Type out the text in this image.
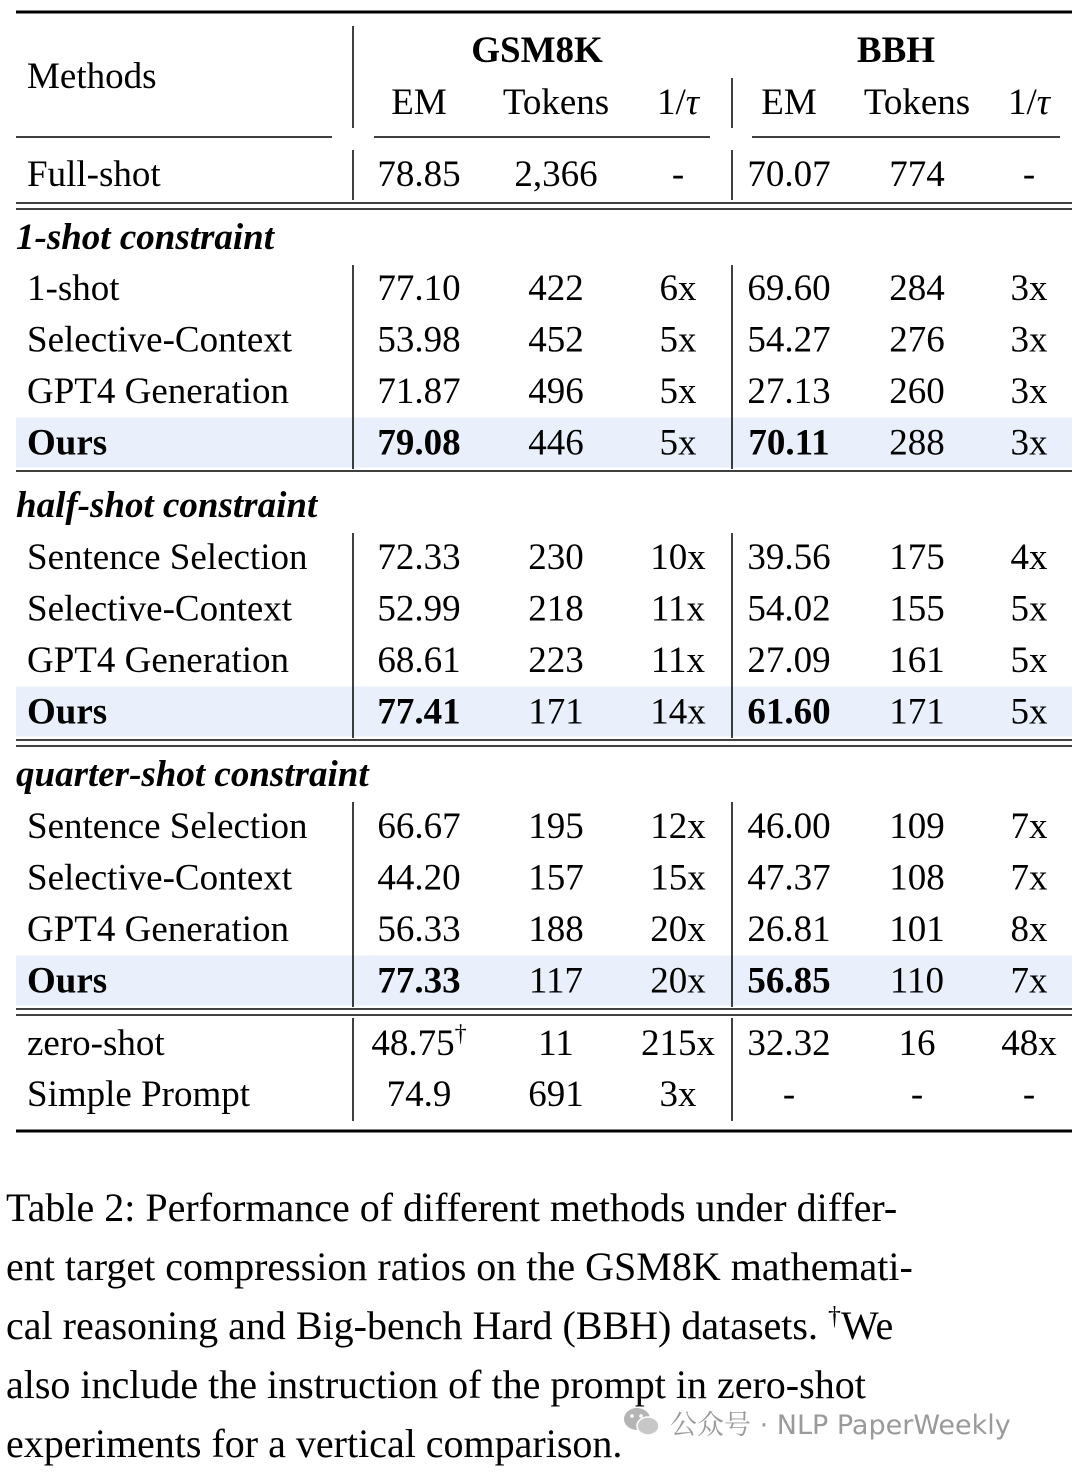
Methods
GSM8K	BBH
EM Tokens 1/τ EM Tokens 1/τ
Full-shot	78.85 2,366 - 70.07 774 -
1-shot constraint
1-shot	77.10 422 6x 69.60 284 3x
Selective-Context 53.98 452 5x 54.27 276 3x
GPT4 Generation 71.87 496 5x 27.13 260 3x
Ours	79.08 446 5x 70.11 288 3x
half-shot constraint
Sentence Selection 72.33 230 10x 39.56 175 4x
Selective-Context 52.99 218 11x 54.02 155 5x
GPT4 Generation 68.61 223 11x 27.09 161 5x
Ours	77.41 171 14x 61.60 171 5x
quarter-shot constraint
Sentence Selection 66.67 195 12x 46.00 109 7x
Selective-Context 44.20 157 15x 47.37 108 7x
GPT4 Generation 56.33 188 20x 26.81 101 8x
Ours	77.33 117 20x 56.85 110 7x
zero-shot	48.75† 11 215x 32.32 16 48x
Simple Prompt	74.9 691 3x -	-	-

Table 2: Performance of different methods under differ-
ent target compression ratios on the GSM8K mathemati-
cal reasoning and Big-bench Hard (BBH) datasets. †We
also include the instruction of the prompt in zero-shot
experiments for a vertical comparison.	公众号 · NLP PaperWeekly
